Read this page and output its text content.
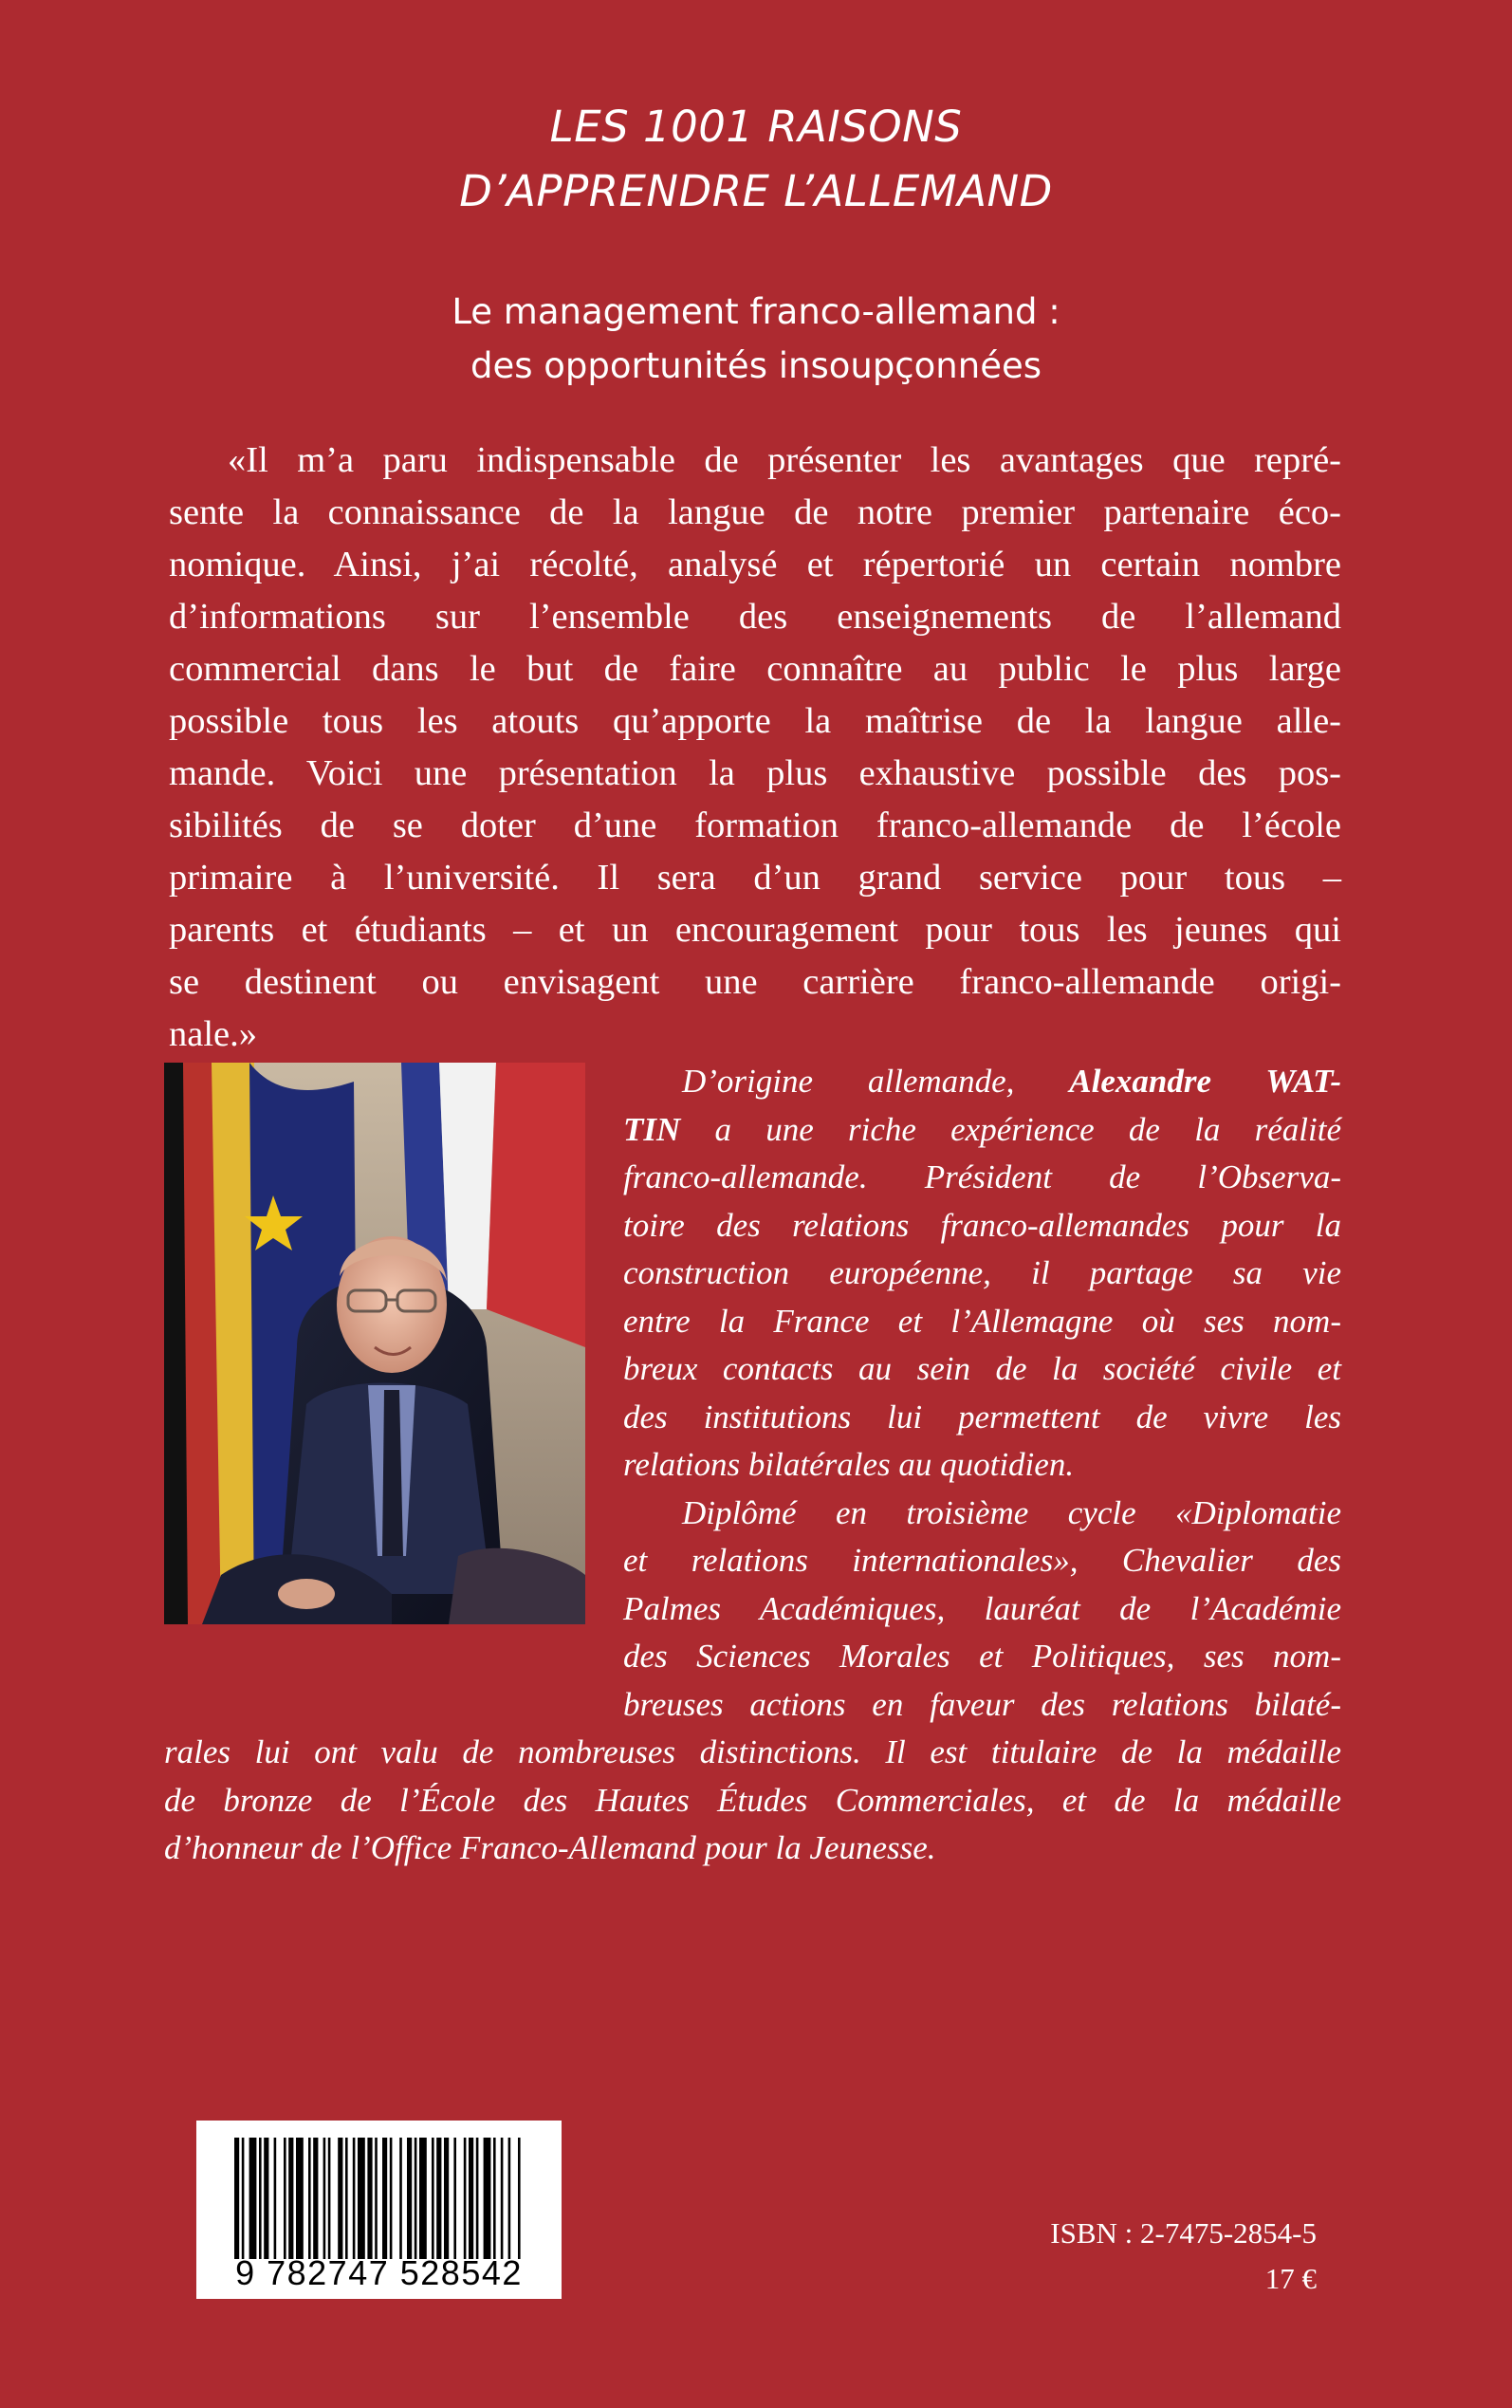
LES 1001 RAISONS
D’APPRENDRE L’ALLEMAND
Le management franco-allemand :
des opportunités insoupçonnées
«Il m’a paru indispensable de présenter les avantages que repré-
sente la connaissance de la langue de notre premier partenaire éco-
nomique. Ainsi, j’ai récolté, analysé et répertorié un certain nombre
d’informations sur l’ensemble des enseignements de l’allemand
commercial dans le but de faire connaître au public le plus large
possible tous les atouts qu’apporte la maîtrise de la langue alle-
mande. Voici une présentation la plus exhaustive possible des pos-
sibilités de se doter d’une formation franco-allemande de l’école
primaire à l’université. Il sera d’un grand service pour tous –
parents et étudiants – et un encouragement pour tous les jeunes qui
se destinent ou envisagent une carrière franco-allemande origi-
nale.»
D’origine allemande, Alexandre WAT-
TIN a une riche expérience de la réalité
franco-allemande. Président de l’Observa-
toire des relations franco-allemandes pour la
construction européenne, il partage sa vie
entre la France et l’Allemagne où ses nom-
breux contacts au sein de la société civile et
des institutions lui permettent de vivre les
relations bilatérales au quotidien.
Diplômé en troisième cycle «Diplomatie
et relations internationales», Chevalier des
Palmes Académiques, lauréat de l’Académie
des Sciences Morales et Politiques, ses nom-
breuses actions en faveur des relations bilaté-
rales lui ont valu de nombreuses distinctions. Il est titulaire de la médaille
de bronze de l’École des Hautes Études Commerciales, et de la médaille
d’honneur de l’Office Franco-Allemand pour la Jeunesse.
9 782747 528542
ISBN : 2-7475-2854-5
17 €
